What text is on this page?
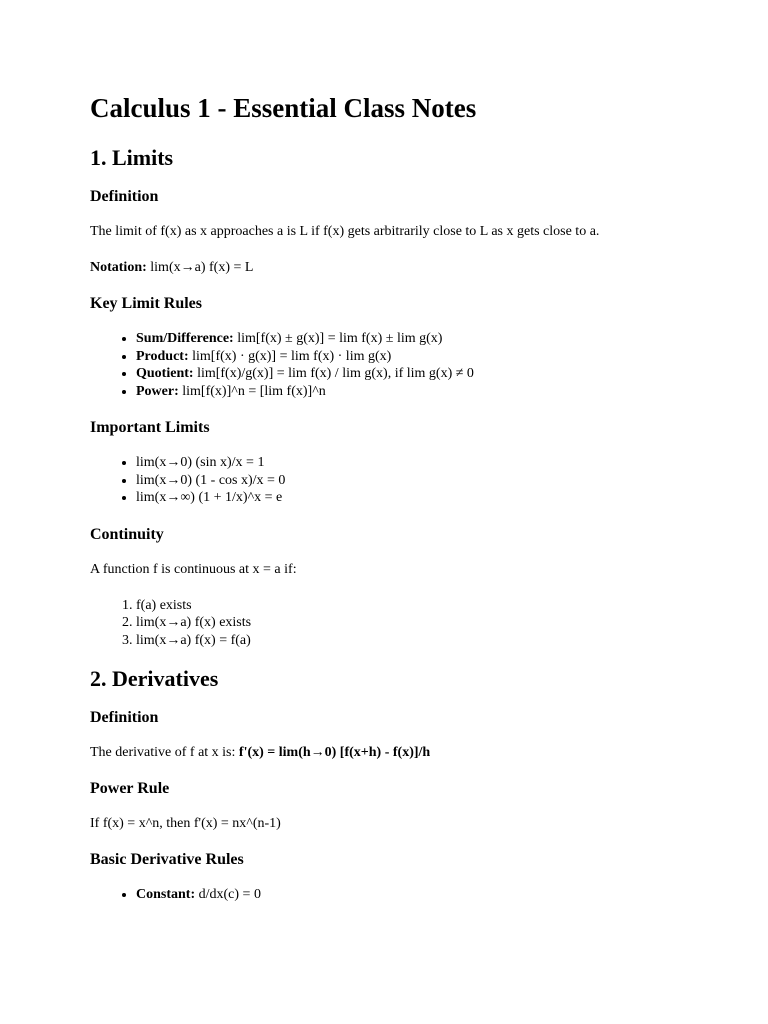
Calculus 1 - Essential Class Notes
1. Limits
Definition

The limit of f(x) as x approaches a is L if f(x) gets arbitrarily close to L as x gets close to a.

Notation: lim(x→a) f(x) = L

Key Limit Rules
• Sum/Difference: lim[f(x) ± g(x)] = lim f(x) ± lim g(x)
• Product: lim[f(x) · g(x)] = lim f(x) · lim g(x)
• Quotient: lim[f(x)/g(x)] = lim f(x) / lim g(x), if lim g(x) ≠ 0
• Power: lim[f(x)]^n = [lim f(x)]^n
Important Limits
• lim(x→0) (sin x)/x = 1
• lim(x→0) (1 - cos x)/x = 0
• lim(x→∞) (1 + 1/x)^x = e
Continuity

A function f is continuous at x = a if:

1. f(a) exists
2. lim(x→a) f(x) exists
3. lim(x→a) f(x) = f(a)
2. Derivatives
Definition

The derivative of f at x is: f'(x) = lim(h→0) [f(x+h) - f(x)]/h

Power Rule

If f(x) = x^n, then f'(x) = nx^(n-1)

Basic Derivative Rules
• Constant: d/dx(c) = 0
